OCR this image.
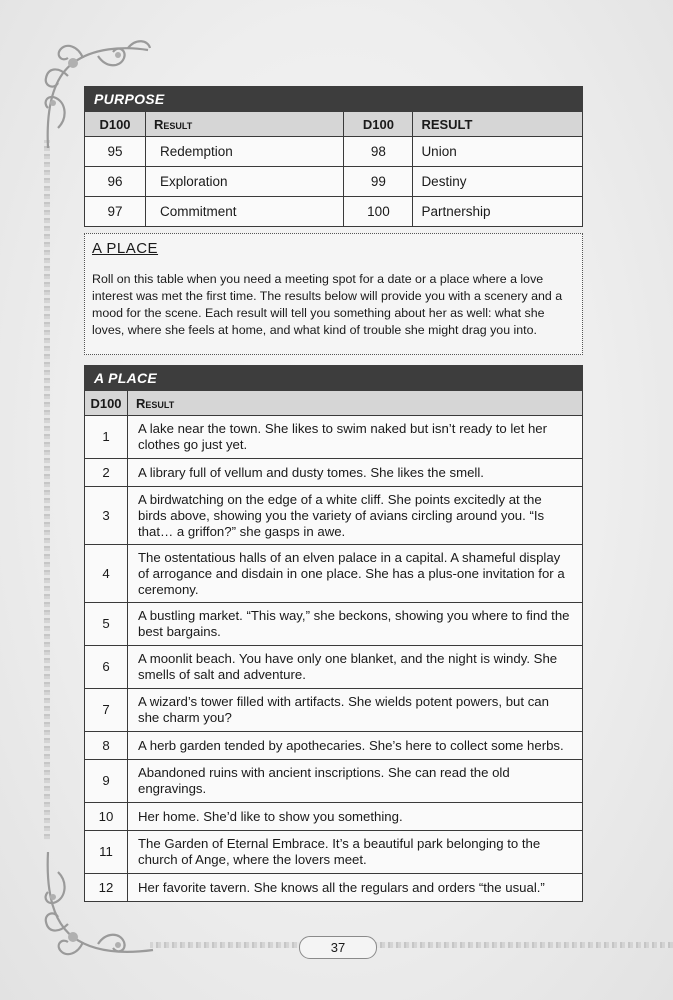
PURPOSE			
D100	Result	D100	RESULT
95	Redemption	98	Union
96	Exploration	99	Destiny
97	Commitment	100	Partnership

A PLACE

Roll on this table when you need a meeting spot for a date or a place where a love interest was met the first time. The results below will provide you with a scenery and a mood for the scene. Each result will tell you something about her as well: what she loves, where she feels at home, and what kind of trouble she might drag you into.

A PLACE	
D100	Result
1	A lake near the town. She likes to swim naked but isn’t ready to let her clothes go just yet.
2	A library full of vellum and dusty tomes. She likes the smell.
3	A birdwatching on the edge of a white cliff. She points excitedly at the birds above, showing you the variety of avians circling around you. “Is that… a griffon?” she gasps in awe.
4	The ostentatious halls of an elven palace in a capital. A shameful display of arrogance and disdain in one place. She has a plus-one invitation for a ceremony.
5	A bustling market. “This way,” she beckons, showing you where to find the best bargains.
6	A moonlit beach. You have only one blanket, and the night is windy. She smells of salt and adventure.
7	A wizard’s tower filled with artifacts. She wields potent powers, but can she charm you?
8	A herb garden tended by apothecaries. She’s here to collect some herbs.
9	Abandoned ruins with ancient inscriptions. She can read the old engravings.
10	Her home. She’d like to show you something.
11	The Garden of Eternal Embrace. It’s a beautiful park belonging to the church of Ange, where the lovers meet.
12	Her favorite tavern. She knows all the regulars and orders “the usual.”
37
